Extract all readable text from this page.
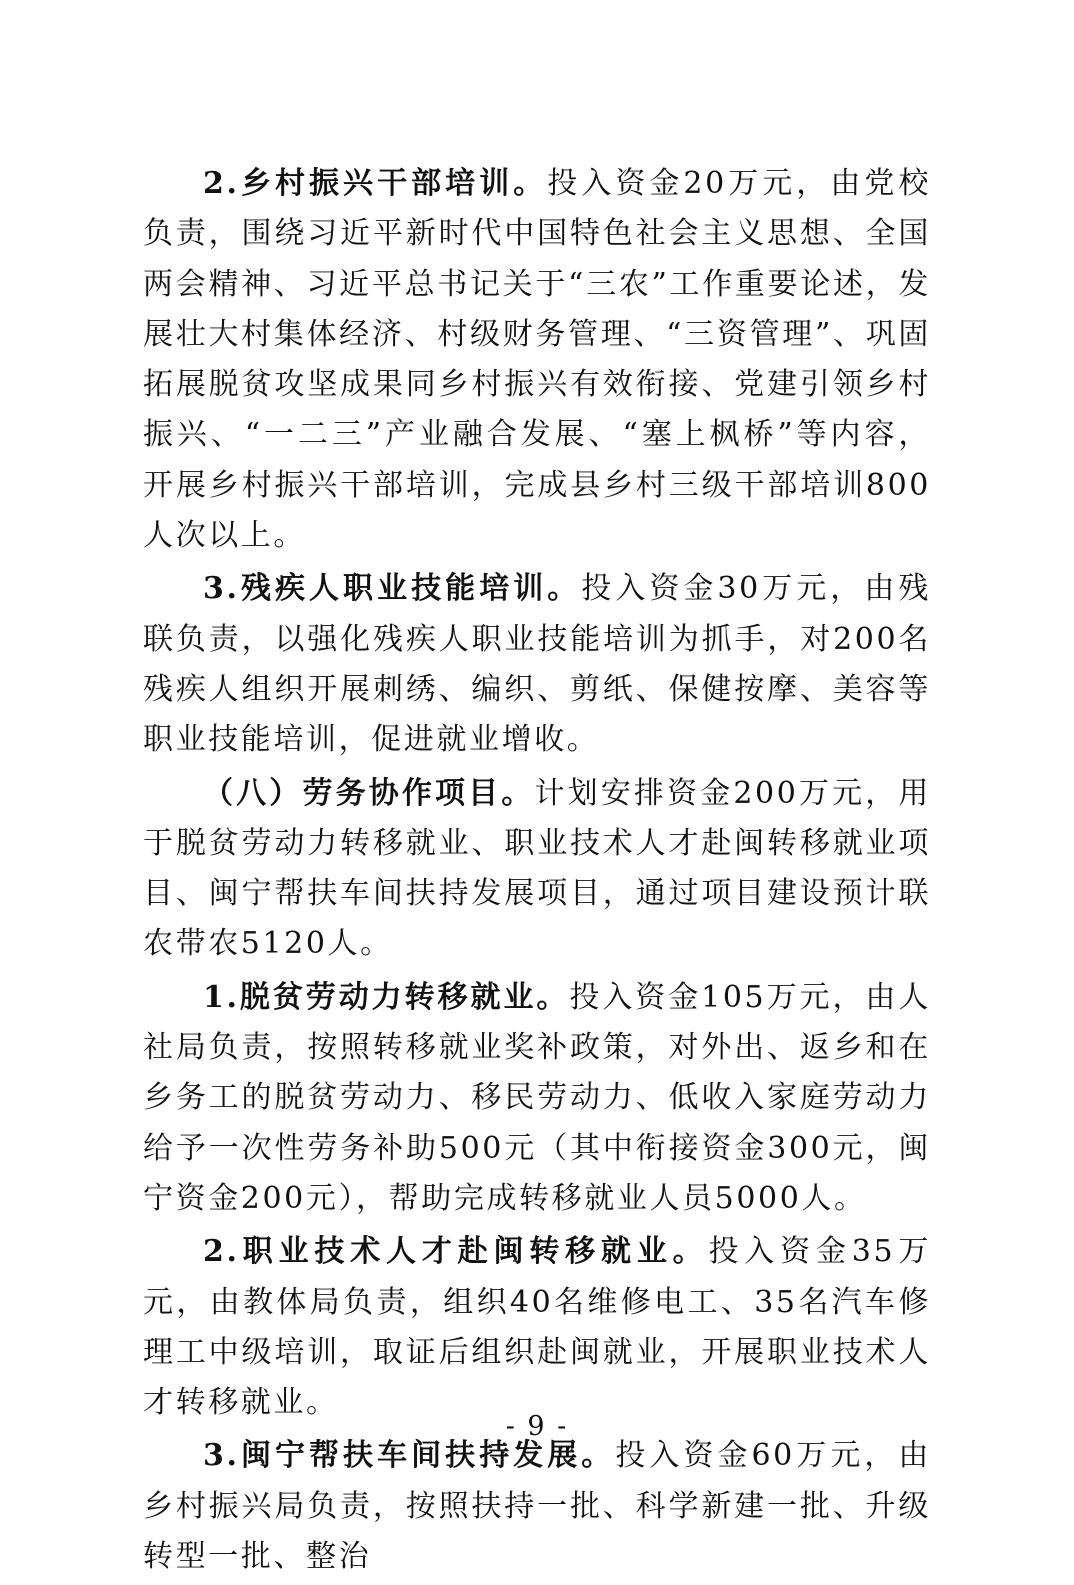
2.乡村振兴干部培训。投入资金20万元，由党校负责，围绕习近平新时代中国特色社会主义思想、全国两会精神、习近平总书记关于“三农”工作重要论述，发展壮大村集体经济、村级财务管理、“三资管理”、巩固拓展脱贫攻坚成果同乡村振兴有效衔接、党建引领乡村振兴、“一二三”产业融合发展、“塞上枫桥”等内容，开展乡村振兴干部培训，完成县乡村三级干部培训800人次以上。

3.残疾人职业技能培训。投入资金30万元，由残联负责，以强化残疾人职业技能培训为抓手，对200名残疾人组织开展刺绣、编织、剪纸、保健按摩、美容等职业技能培训，促进就业增收。

（八）劳务协作项目。计划安排资金200万元，用于脱贫劳动力转移就业、职业技术人才赴闽转移就业项目、闽宁帮扶车间扶持发展项目，通过项目建设预计联农带农5120人。

1.脱贫劳动力转移就业。投入资金105万元，由人社局负责，按照转移就业奖补政策，对外出、返乡和在乡务工的脱贫劳动力、移民劳动力、低收入家庭劳动力给予一次性劳务补助500元（其中衔接资金300元，闽宁资金200元），帮助完成转移就业人员5000人。

2.职业技术人才赴闽转移就业。投入资金35万元，由教体局负责，组织40名维修电工、35名汽车修理工中级培训，取证后组织赴闽就业，开展职业技术人才转移就业。

3.闽宁帮扶车间扶持发展。投入资金60万元，由乡村振兴局负责，按照扶持一批、科学新建一批、升级转型一批、整治

- 9 -
